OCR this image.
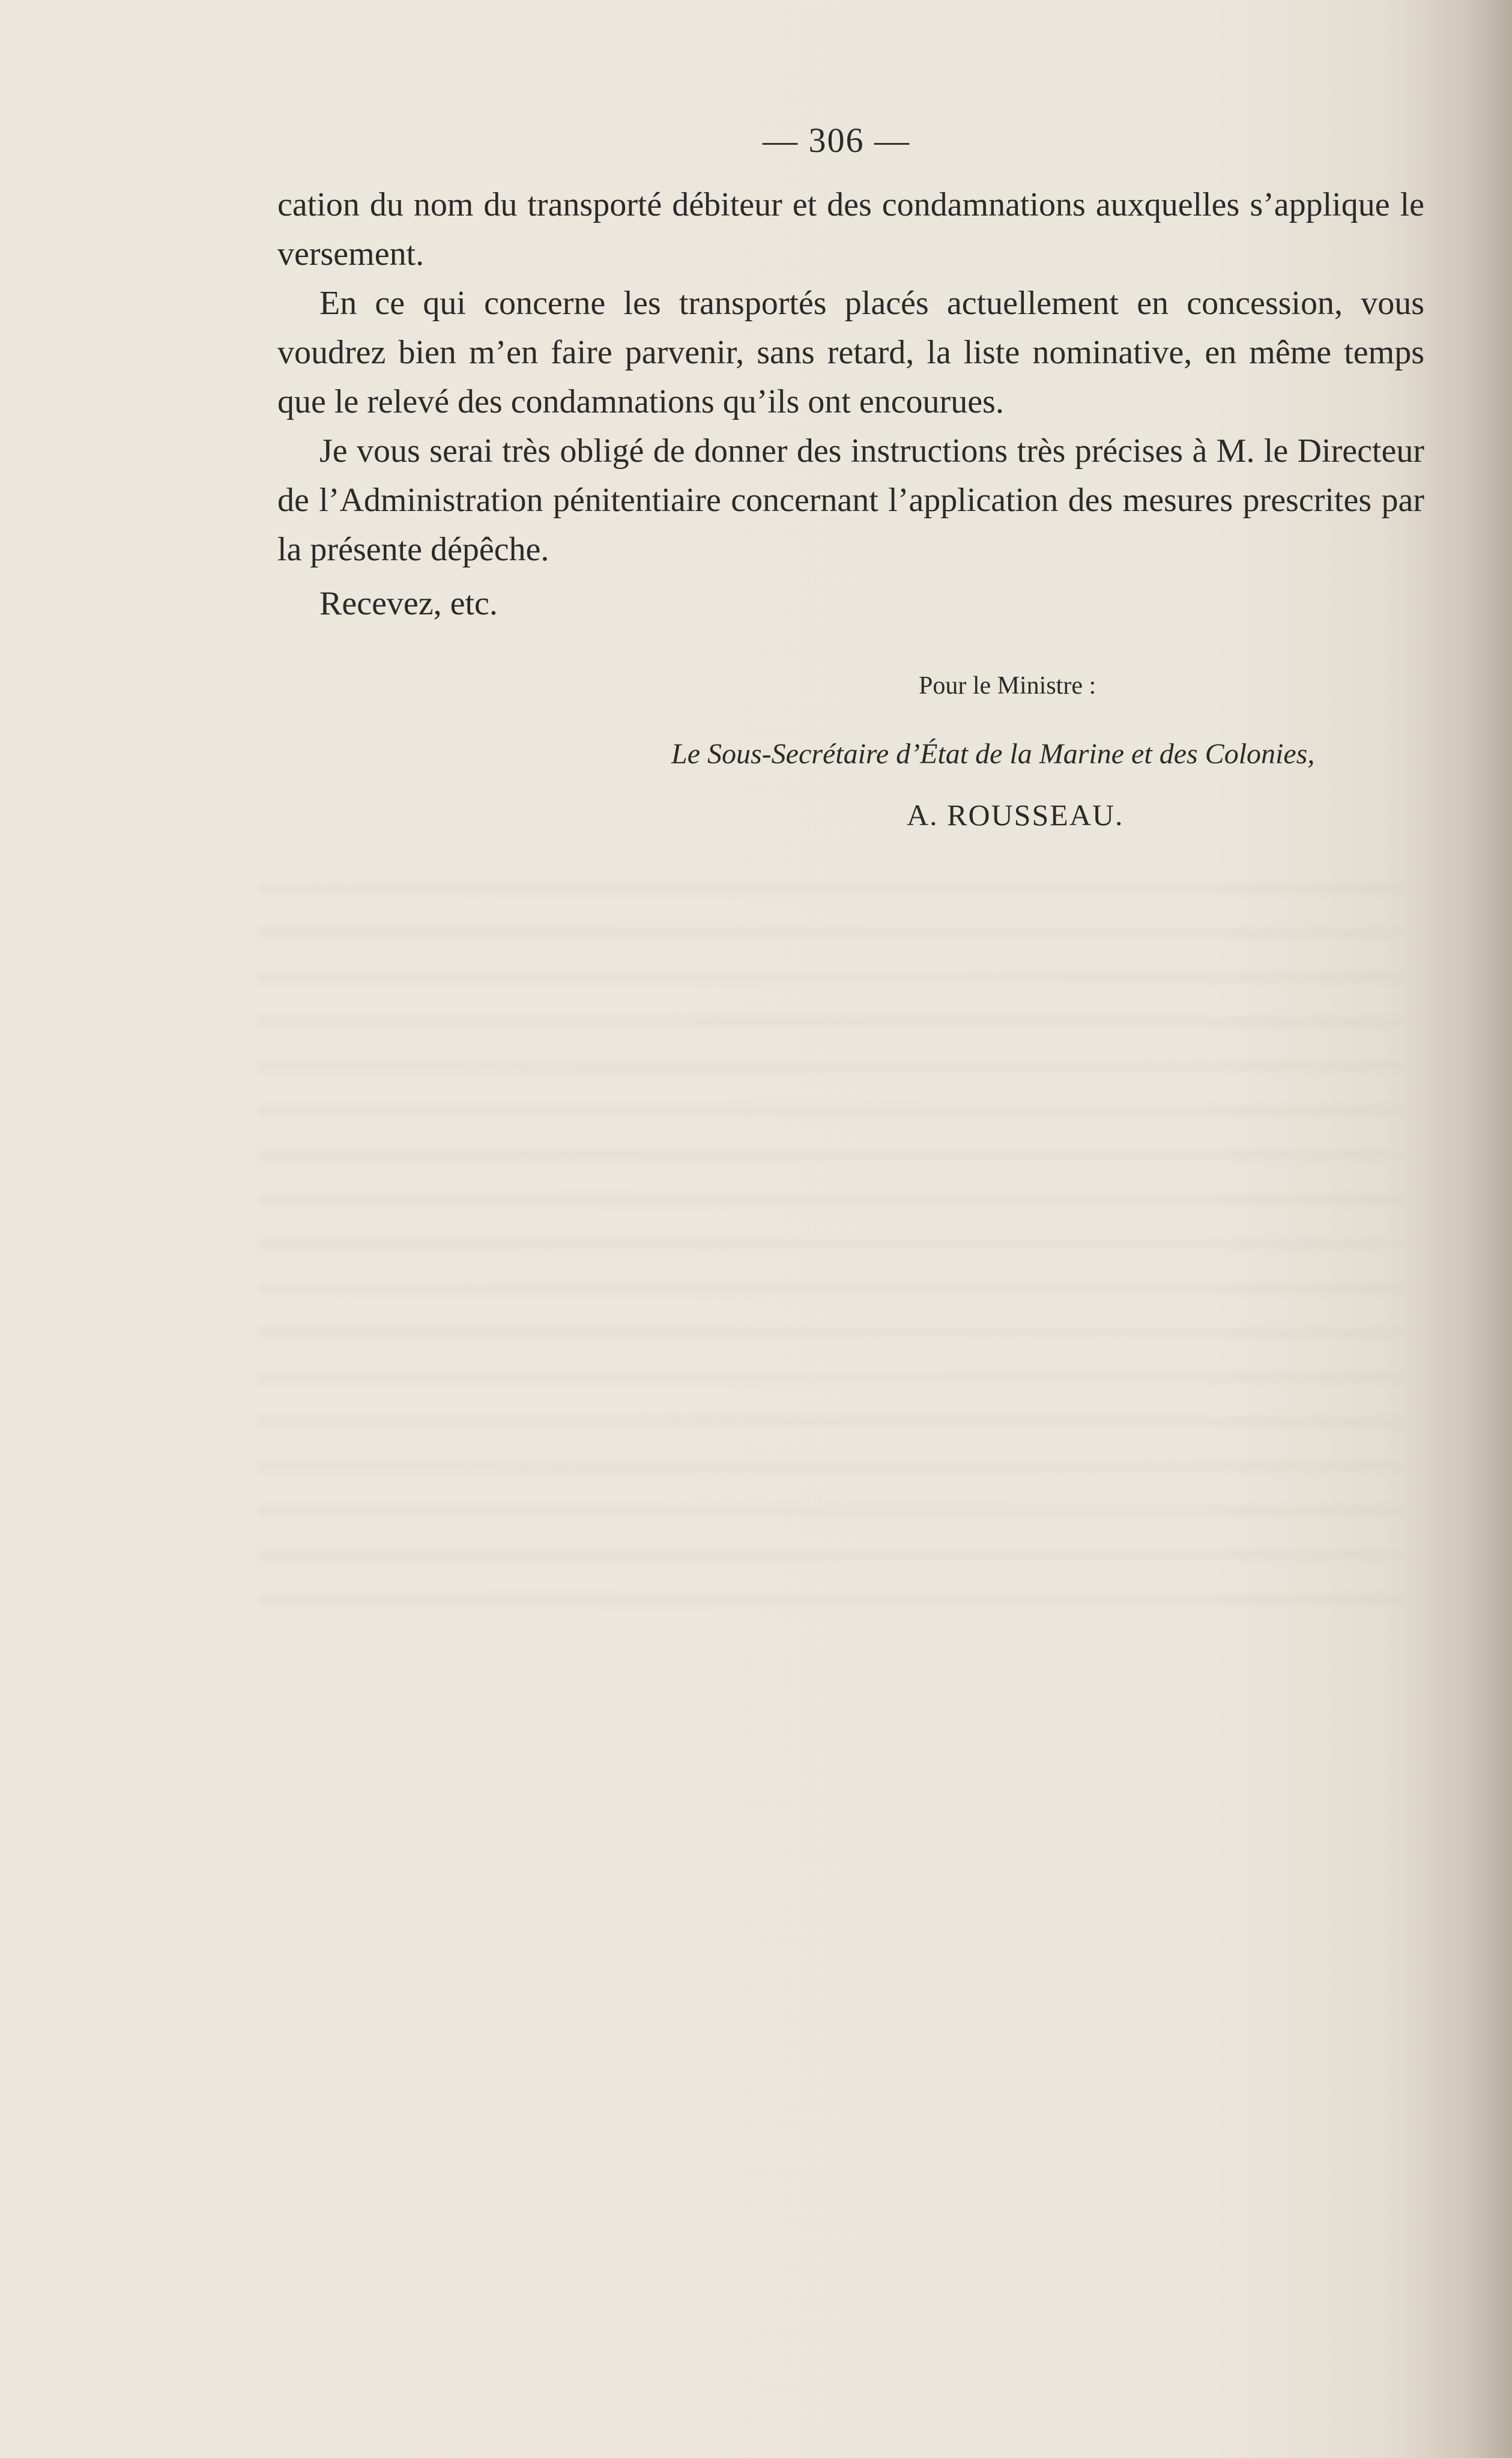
— 306 —

cation du nom du transporté débiteur et des condamnations auxquelles s’applique le versement.

En ce qui concerne les transportés placés actuellement en concession, vous voudrez bien m’en faire parvenir, sans retard, la liste nominative, en même temps que le relevé des condamnations qu’ils ont encourues.

Je vous serai très obligé de donner des instructions très précises à M. le Directeur de l’Administration pénitentiaire concernant l’application des mesures prescrites par la présente dépêche.

Recevez, etc.

Pour le Ministre :
Le Sous-Secrétaire d’État de la Marine et des Colonies,
A. ROUSSEAU.
